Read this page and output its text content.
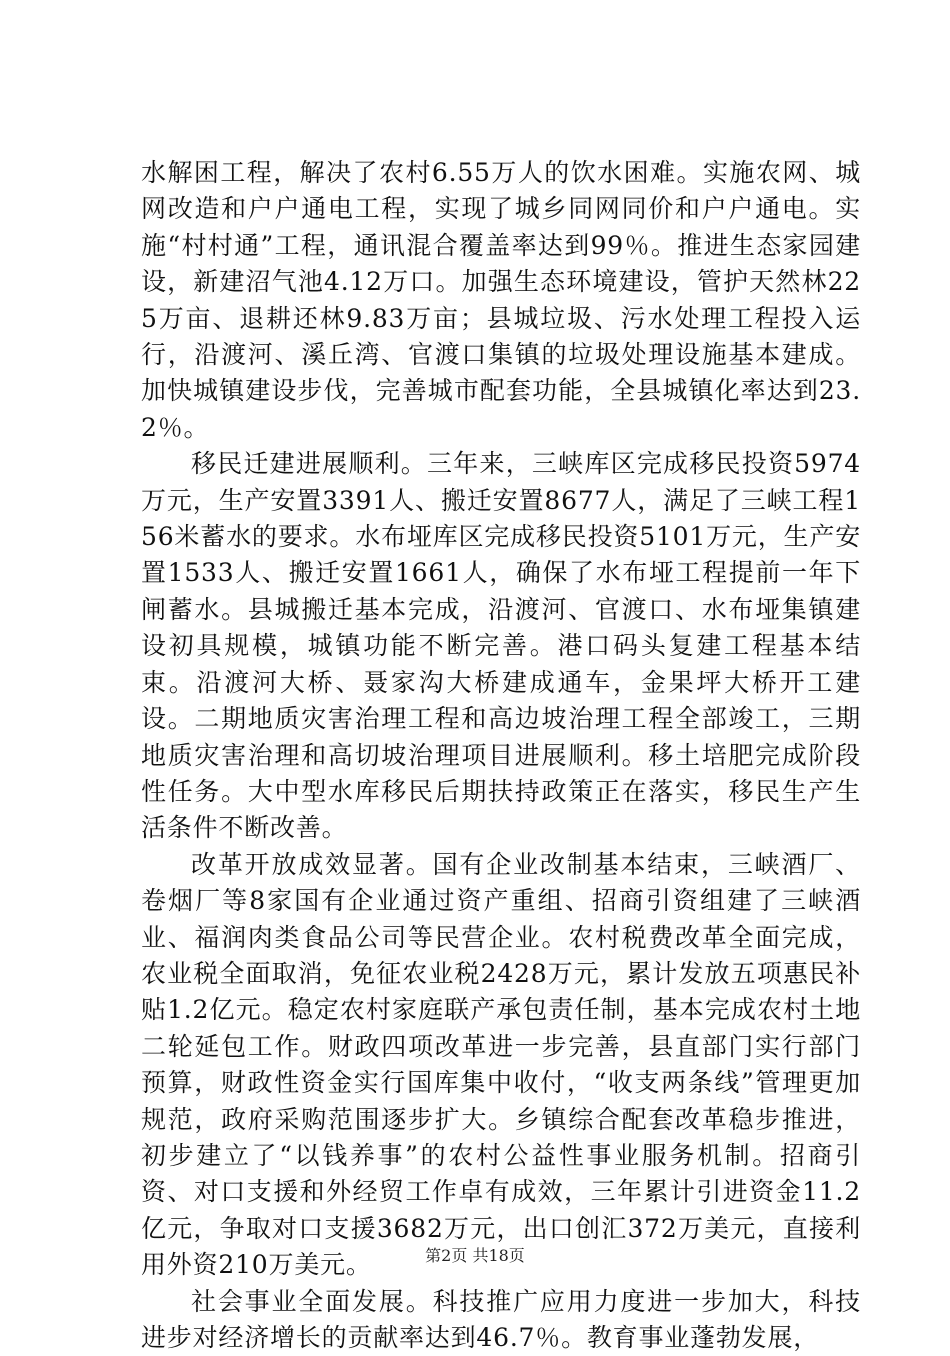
水解困工程，解决了农村6.55万人的饮水困难。实施农网、城网改造和户户通电工程，实现了城乡同网同价和户户通电。实施“村村通”工程，通讯混合覆盖率达到99％。推进生态家园建设，新建沼气池4.12万口。加强生态环境建设，管护天然林225万亩、退耕还林9.83万亩；县城垃圾、污水处理工程投入运行，沿渡河、溪丘湾、官渡口集镇的垃圾处理设施基本建成。加快城镇建设步伐，完善城市配套功能，全县城镇化率达到23.2％。

移民迁建进展顺利。三年来，三峡库区完成移民投资5974万元，生产安置3391人、搬迁安置8677人，满足了三峡工程156米蓄水的要求。水布垭库区完成移民投资5101万元，生产安置1533人、搬迁安置1661人，确保了水布垭工程提前一年下闸蓄水。县城搬迁基本完成，沿渡河、官渡口、水布垭集镇建设初具规模，城镇功能不断完善。港口码头复建工程基本结束。沿渡河大桥、聂家沟大桥建成通车，金果坪大桥开工建设。二期地质灾害治理工程和高边坡治理工程全部竣工，三期地质灾害治理和高切坡治理项目进展顺利。移土培肥完成阶段性任务。大中型水库移民后期扶持政策正在落实，移民生产生活条件不断改善。

改革开放成效显著。国有企业改制基本结束，三峡酒厂、卷烟厂等8家国有企业通过资产重组、招商引资组建了三峡酒业、福润肉类食品公司等民营企业。农村税费改革全面完成，农业税全面取消，免征农业税2428万元，累计发放五项惠民补贴1.2亿元。稳定农村家庭联产承包责任制，基本完成农村土地二轮延包工作。财政四项改革进一步完善，县直部门实行部门预算，财政性资金实行国库集中收付，“收支两条线”管理更加规范，政府采购范围逐步扩大。乡镇综合配套改革稳步推进，初步建立了“以钱养事”的农村公益性事业服务机制。招商引资、对口支援和外经贸工作卓有成效，三年累计引进资金11.2亿元，争取对口支援3682万元，出口创汇372万美元，直接利用外资210万美元。

社会事业全面发展。科技推广应用力度进一步加大，科技进步对经济增长的贡献率达到46.7％。教育事业蓬勃发展，

第2页 共18页
